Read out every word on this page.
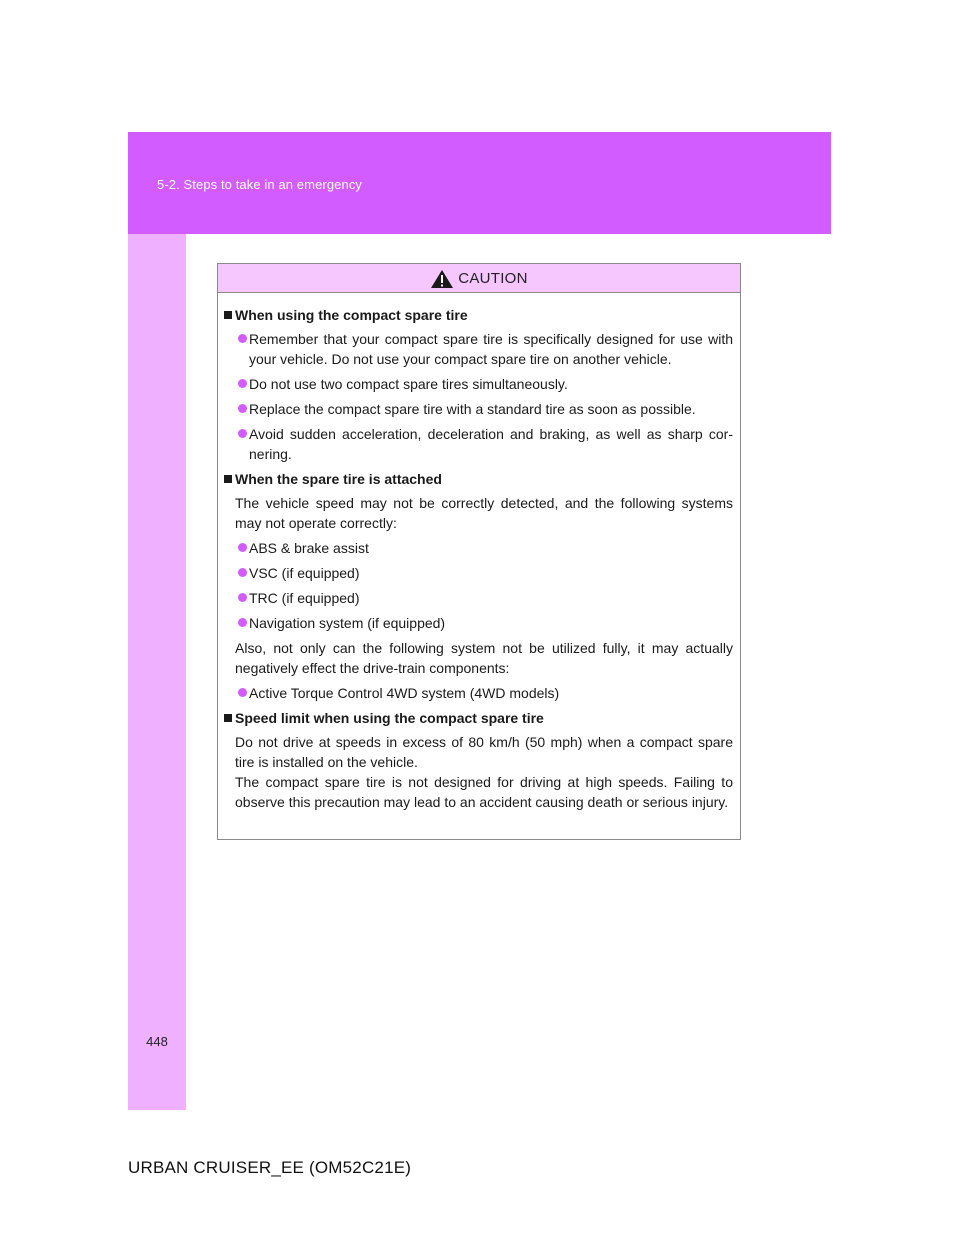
5-2. Steps to take in an emergency
CAUTION
When using the compact spare tire
Remember that your compact spare tire is specifically designed for use with your vehicle. Do not use your compact spare tire on another vehicle.
Do not use two compact spare tires simultaneously.
Replace the compact spare tire with a standard tire as soon as possible.
Avoid sudden acceleration, deceleration and braking, as well as sharp cor-nering.
When the spare tire is attached
The vehicle speed may not be correctly detected, and the following systems may not operate correctly:
ABS & brake assist
VSC (if equipped)
TRC (if equipped)
Navigation system (if equipped)
Also, not only can the following system not be utilized fully, it may actually negatively effect the drive-train components:
Active Torque Control 4WD system (4WD models)
Speed limit when using the compact spare tire
Do not drive at speeds in excess of 80 km/h (50 mph) when a compact spare tire is installed on the vehicle.
The compact spare tire is not designed for driving at high speeds. Failing to observe this precaution may lead to an accident causing death or serious injury.
448
URBAN CRUISER_EE (OM52C21E)
